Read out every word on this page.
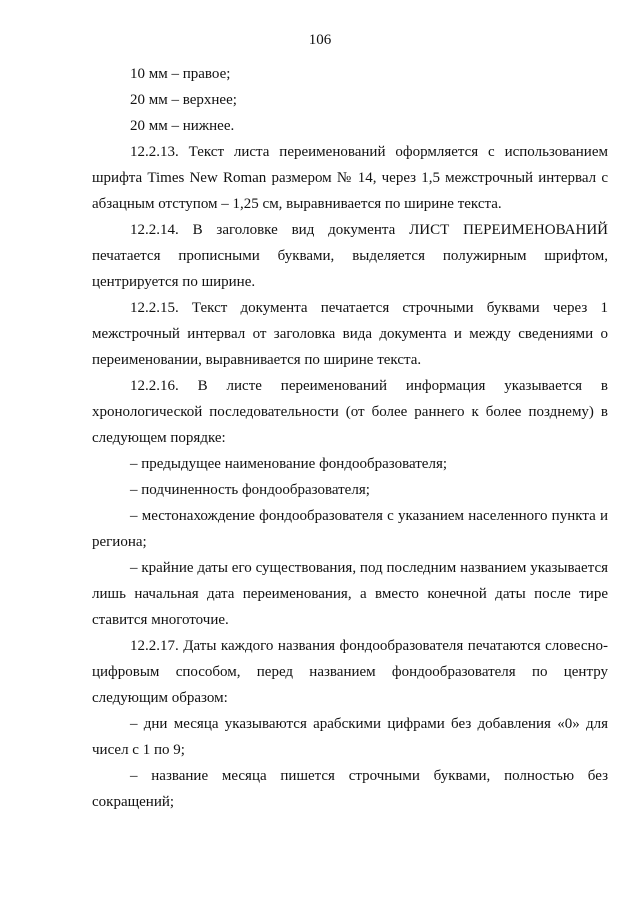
106

10 мм – правое;

20 мм – верхнее;

20 мм – нижнее.

12.2.13. Текст листа переименований оформляется с использованием шрифта Times New Roman размером № 14, через 1,5 межстрочный интервал с абзацным отступом – 1,25 см, выравнивается по ширине текста.

12.2.14. В заголовке вид документа ЛИСТ ПЕРЕИМЕНОВАНИЙ печатается прописными буквами, выделяется полужирным шрифтом, центрируется по ширине.

12.2.15. Текст документа печатается строчными буквами через 1 межстрочный интервал от заголовка вида документа и между сведениями о переименовании, выравнивается по ширине текста.

12.2.16. В листе переименований информация указывается в хронологической последовательности (от более раннего к более позднему) в следующем порядке:

– предыдущее наименование фондообразователя;

– подчиненность фондообразователя;

– местонахождение фондообразователя с указанием населенного пункта и региона;

– крайние даты его существования, под последним названием указывается лишь начальная дата переименования, а вместо конечной даты после тире ставится многоточие.

12.2.17. Даты каждого названия фондообразователя печатаются словесно-цифровым способом, перед названием фондообразователя по центру следующим образом:

– дни месяца указываются арабскими цифрами без добавления «0» для чисел с 1 по 9;

– название месяца пишется строчными буквами, полностью без сокращений;
